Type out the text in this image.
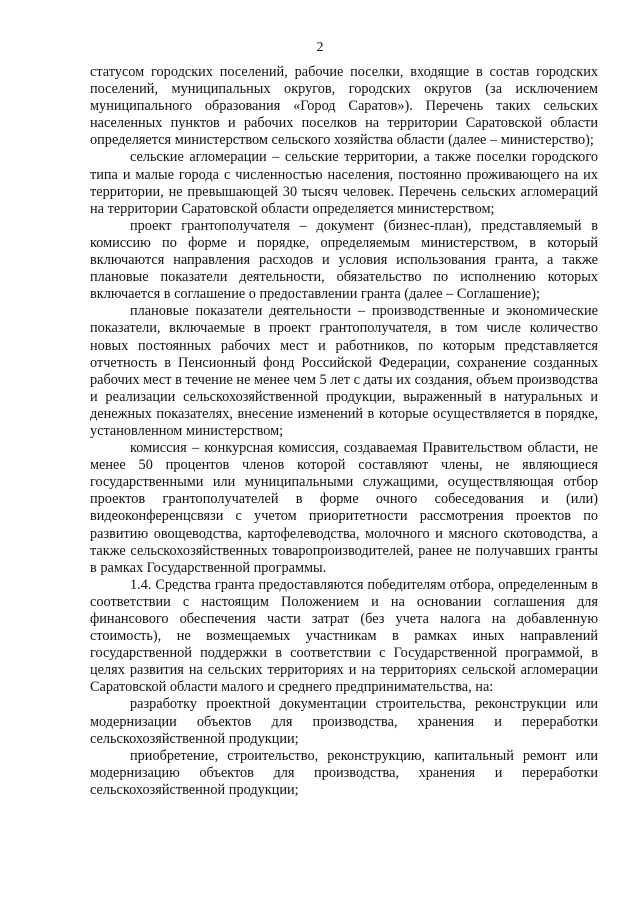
2

статусом городских поселений, рабочие поселки, входящие в состав городских поселений, муниципальных округов, городских округов (за исключением муниципального образования «Город Саратов»). Перечень таких сельских населенных пунктов и рабочих поселков на территории Саратовской области определяется министерством сельского хозяйства области (далее – министерство);

сельские агломерации – сельские территории, а также поселки городского типа и малые города с численностью населения, постоянно проживающего на их территории, не превышающей 30 тысяч человек. Перечень сельских агломераций на территории Саратовской области определяется министерством;

проект грантополучателя – документ (бизнес-план), представляемый в комиссию по форме и порядке, определяемым министерством, в который включаются направления расходов и условия использования гранта, а также плановые показатели деятельности, обязательство по исполнению которых включается в соглашение о предоставлении гранта (далее – Соглашение);

плановые показатели деятельности – производственные и экономические показатели, включаемые в проект грантополучателя, в том числе количество новых постоянных рабочих мест и работников, по которым представляется отчетность в Пенсионный фонд Российской Федерации, сохранение созданных рабочих мест в течение не менее чем 5 лет с даты их создания, объем производства и реализации сельскохозяйственной продукции, выраженный в натуральных и денежных показателях, внесение изменений в которые осуществляется в порядке, установленном министерством;

комиссия – конкурсная комиссия, создаваемая Правительством области, не менее 50 процентов членов которой составляют члены, не являющиеся государственными или муниципальными служащими, осуществляющая отбор проектов грантополучателей в форме очного собеседования и (или) видеоконференцсвязи с учетом приоритетности рассмотрения проектов по развитию овощеводства, картофелеводства, молочного и мясного скотоводства, а также сельскохозяйственных товаропроизводителей, ранее не получавших гранты в рамках Государственной программы.

1.4. Средства гранта предоставляются победителям отбора, определенным в соответствии с настоящим Положением и на основании соглашения для финансового обеспечения части затрат (без учета налога на добавленную стоимость), не возмещаемых участникам в рамках иных направлений государственной поддержки в соответствии с Государственной программой, в целях развития на сельских территориях и на территориях сельской агломерации Саратовской области малого и среднего предпринимательства, на:

разработку проектной документации строительства, реконструкции или модернизации объектов для производства, хранения и переработки сельскохозяйственной продукции;

приобретение, строительство, реконструкцию, капитальный ремонт или модернизацию объектов для производства, хранения и переработки сельскохозяйственной продукции;
